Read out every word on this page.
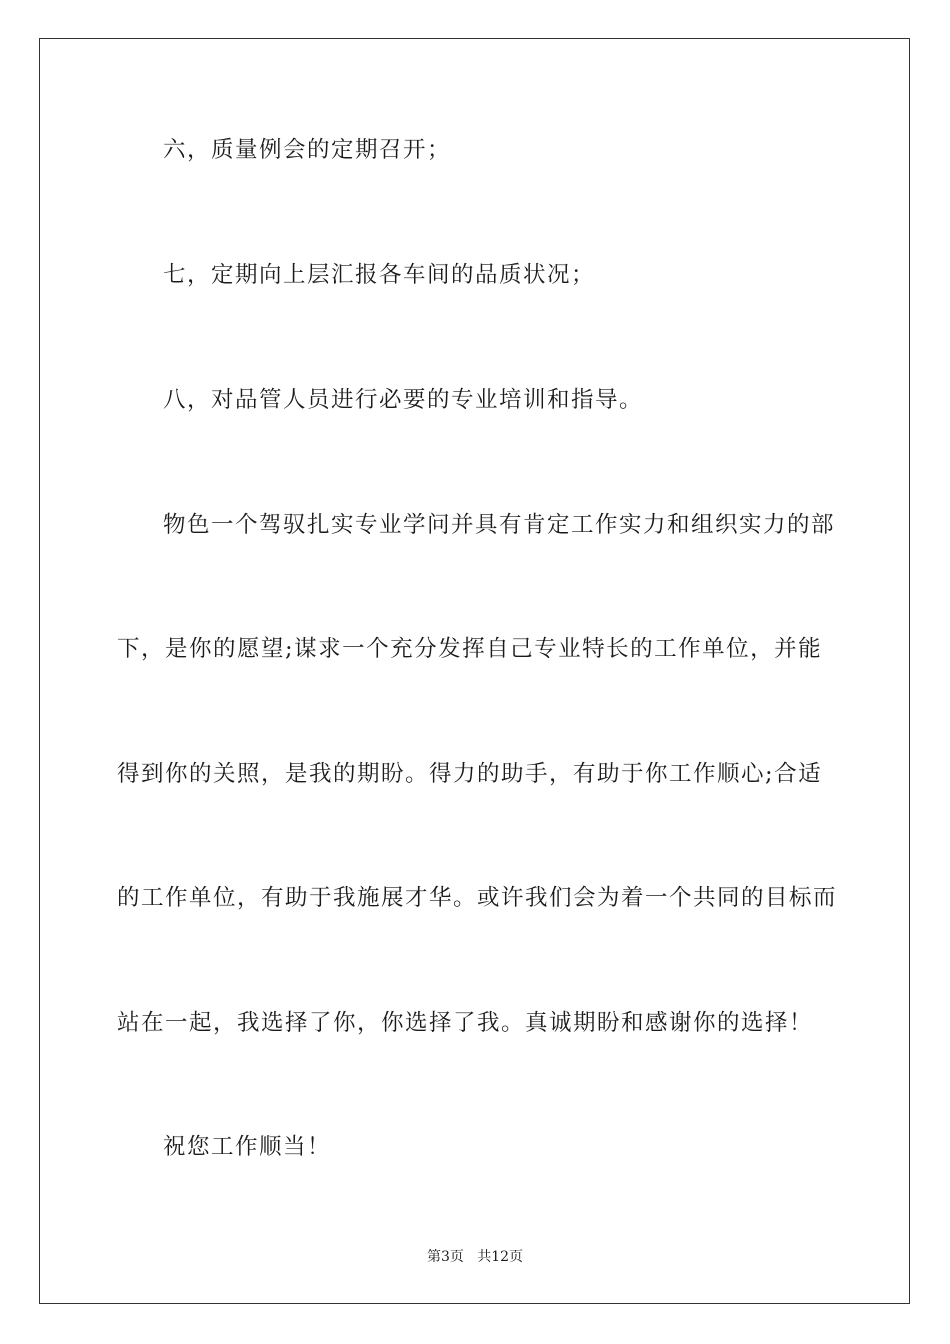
六，质量例会的定期召开；
七，定期向上层汇报各车间的品质状况；
八，对品管人员进行必要的专业培训和指导。
物色一个驾驭扎实专业学问并具有肯定工作实力和组织实力的部
下，是你的愿望;谋求一个充分发挥自己专业特长的工作单位，并能
得到你的关照，是我的期盼。得力的助手，有助于你工作顺心;合适
的工作单位，有助于我施展才华。或许我们会为着一个共同的目标而
站在一起，我选择了你，你选择了我。真诚期盼和感谢你的选择！
祝您工作顺当！
第3页   共12页
